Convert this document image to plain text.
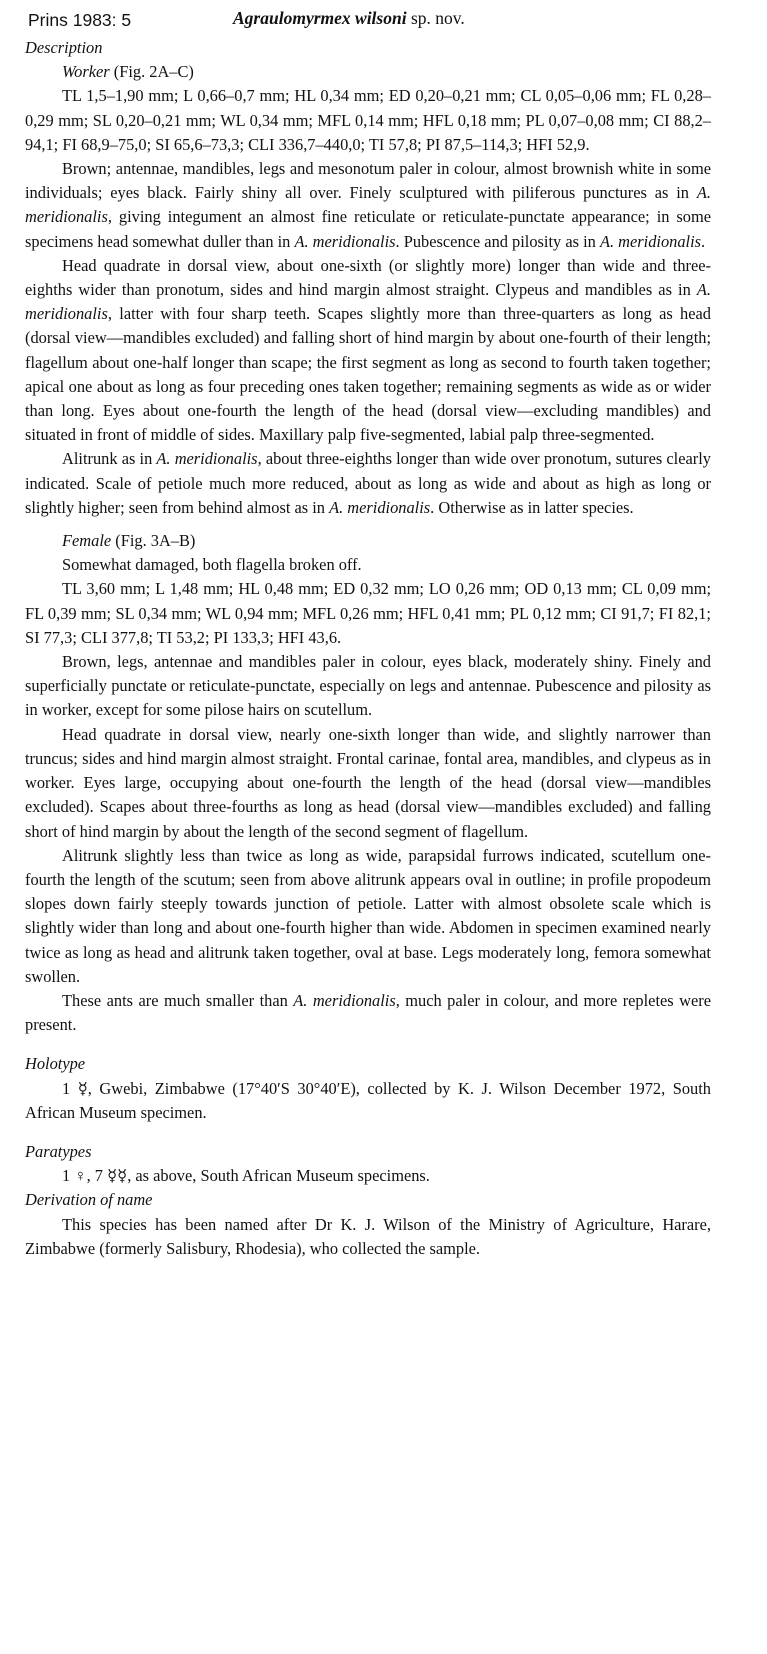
Prins 1983: 5	Agraulomyrmex wilsoni sp. nov.

Description

Worker (Fig. 2A–C)

TL 1,5–1,90 mm; L 0,66–0,7 mm; HL 0,34 mm; ED 0,20–0,21 mm; CL 0,05–0,06 mm; FL 0,28–0,29 mm; SL 0,20–0,21 mm; WL 0,34 mm; MFL 0,14 mm; HFL 0,18 mm; PL 0,07–0,08 mm; CI 88,2–94,1; FI 68,9–75,0; SI 65,6–73,3; CLI 336,7–440,0; TI 57,8; PI 87,5–114,3; HFI 52,9.

Brown; antennae, mandibles, legs and mesonotum paler in colour, almost brownish white in some individuals; eyes black. Fairly shiny all over. Finely sculptured with piliferous punctures as in A. meridionalis, giving integument an almost fine reticulate or reticulate-punctate appearance; in some specimens head somewhat duller than in A. meridionalis. Pubescence and pilosity as in A. meridionalis.

Head quadrate in dorsal view, about one-sixth (or slightly more) longer than wide and three-eighths wider than pronotum, sides and hind margin almost straight. Clypeus and mandibles as in A. meridionalis, latter with four sharp teeth. Scapes slightly more than three-quarters as long as head (dorsal view—mandibles excluded) and falling short of hind margin by about one-fourth of their length; flagellum about one-half longer than scape; the first segment as long as second to fourth taken together; apical one about as long as four preceding ones taken together; remaining segments as wide as or wider than long. Eyes about one-fourth the length of the head (dorsal view—excluding mandibles) and situated in front of middle of sides. Maxillary palp five-segmented, labial palp three-segmented.

Alitrunk as in A. meridionalis, about three-eighths longer than wide over pronotum, sutures clearly indicated. Scale of petiole much more reduced, about as long as wide and about as high as long or slightly higher; seen from behind almost as in A. meridionalis. Otherwise as in latter species.

Female (Fig. 3A–B)

Somewhat damaged, both flagella broken off.

TL 3,60 mm; L 1,48 mm; HL 0,48 mm; ED 0,32 mm; LO 0,26 mm; OD 0,13 mm; CL 0,09 mm; FL 0,39 mm; SL 0,34 mm; WL 0,94 mm; MFL 0,26 mm; HFL 0,41 mm; PL 0,12 mm; CI 91,7; FI 82,1; SI 77,3; CLI 377,8; TI 53,2; PI 133,3; HFI 43,6.

Brown, legs, antennae and mandibles paler in colour, eyes black, moderately shiny. Finely and superficially punctate or reticulate-punctate, especially on legs and antennae. Pubescence and pilosity as in worker, except for some pilose hairs on scutellum.

Head quadrate in dorsal view, nearly one-sixth longer than wide, and slightly narrower than truncus; sides and hind margin almost straight. Frontal carinae, fontal area, mandibles, and clypeus as in worker. Eyes large, occupying about one-fourth the length of the head (dorsal view—mandibles excluded). Scapes about three-fourths as long as head (dorsal view—mandibles excluded) and falling short of hind margin by about the length of the second segment of flagellum.

Alitrunk slightly less than twice as long as wide, parapsidal furrows indicated, scutellum one-fourth the length of the scutum; seen from above alitrunk appears oval in outline; in profile propodeum slopes down fairly steeply towards junction of petiole. Latter with almost obsolete scale which is slightly wider than long and about one-fourth higher than wide. Abdomen in specimen examined nearly twice as long as head and alitrunk taken together, oval at base. Legs moderately long, femora somewhat swollen.

These ants are much smaller than A. meridionalis, much paler in colour, and more repletes were present.

Holotype

1 ☿, Gwebi, Zimbabwe (17°40′S 30°40′E), collected by K. J. Wilson December 1972, South African Museum specimen.

Paratypes

1 ♀, 7 ☿☿, as above, South African Museum specimens.

Derivation of name

This species has been named after Dr K. J. Wilson of the Ministry of Agriculture, Harare, Zimbabwe (formerly Salisbury, Rhodesia), who collected the sample.
